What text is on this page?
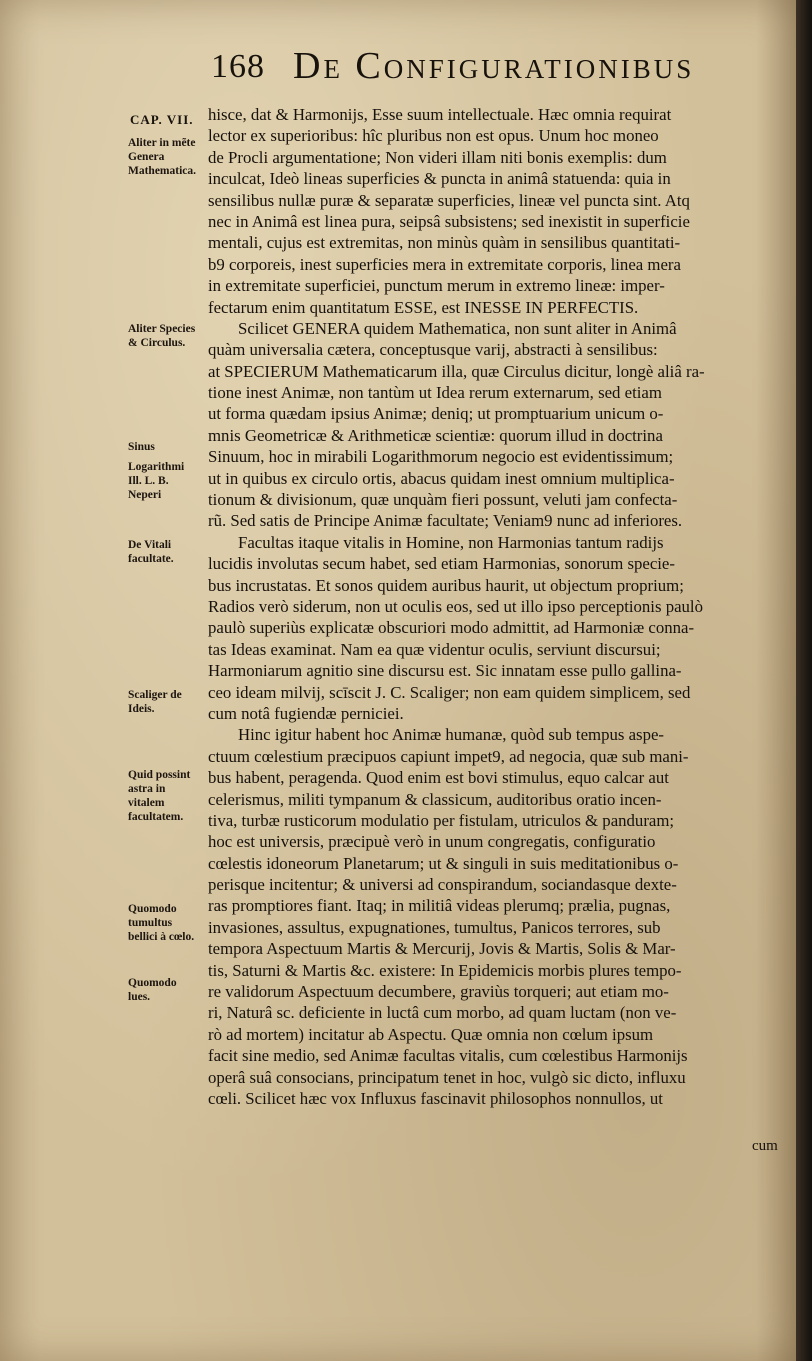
168 De Configurationibus
CAP. VII.
Aliter in mẽte Genera Mathematica.
Aliter Species & Circulus.
Sinus
Logarithmi Ill. L. B. Neperi
De Vitali facultate.
Scaliger de Ideis.
Quid possint astra in vitalem facultatem.
Quomodo tumultus bellici à cœlo.
Quomodo lues.
hisce, dat & Harmonijs, Esse suum intellectuale. Hæc omnia requirat
lector ex superioribus: hîc pluribus non est opus. Unum hoc moneo
de Procli argumentatione; Non videri illam niti bonis exemplis: dum
inculcat, Ideò lineas superficies & puncta in animâ statuenda: quia in
sensilibus nullæ puræ & separatæ superficies, lineæ vel puncta sint. Atq
nec in Animâ est linea pura, seipsâ subsistens; sed inexistit in superficie
mentali, cujus est extremitas, non minùs quàm in sensilibus quantitati-
b9 corporeis, inest superficies mera in extremitate corporis, linea mera
in extremitate superficiei, punctum merum in extremo lineæ: imper-
fectarum enim quantitatum ESSE, est INESSE IN PERFECTIS.
Scilicet GENERA quidem Mathematica, non sunt aliter in Animâ
quàm universalia cætera, conceptusque varij, abstracti à sensilibus:
at SPECIERUM Mathematicarum illa, quæ Circulus dicitur, longè aliâ ra-
tione inest Animæ, non tantùm ut Idea rerum externarum, sed etiam
ut forma quædam ipsius Animæ; deniq; ut promptuarium unicum o-
mnis Geometricæ & Arithmeticæ scientiæ: quorum illud in doctrina
Sinuum, hoc in mirabili Logarithmorum negocio est evidentissimum;
ut in quibus ex circulo ortis, abacus quidam inest omnium multiplica-
tionum & divisionum, quæ unquàm fieri possunt, veluti jam confecta-
rũ. Sed satis de Principe Animæ facultate; Veniam9 nunc ad inferiores.
Facultas itaque vitalis in Homine, non Harmonias tantum radijs
lucidis involutas secum habet, sed etiam Harmonias, sonorum specie-
bus incrustatas. Et sonos quidem auribus haurit, ut objectum proprium;
Radios verò siderum, non ut oculis eos, sed ut illo ipso perceptionis paulò
paulò superiùs explicatæ obscuriori modo admittit, ad Harmoniæ conna-
tas Ideas examinat. Nam ea quæ videntur oculis, serviunt discursui;
Harmoniarum agnitio sine discursu est. Sic innatam esse pullo gallina-
ceo ideam milvij, scīscit J. C. Scaliger; non eam quidem simplicem, sed
cum notâ fugiendæ perniciei.
Hinc igitur habent hoc Animæ humanæ, quòd sub tempus aspe-
ctuum cœlestium præcipuos capiunt impet9, ad negocia, quæ sub mani-
bus habent, peragenda. Quod enim est bovi stimulus, equo calcar aut
celerismus, militi tympanum & classicum, auditoribus oratio incen-
tiva, turbæ rusticorum modulatio per fistulam, utriculos & panduram;
hoc est universis, præcipuè verò in unum congregatis, configuratio
cœlestis idoneorum Planetarum; ut & singuli in suis meditationibus o-
perisque incitentur; & universi ad conspirandum, sociandasque dexte-
ras promptiores fiant. Itaq; in militiâ videas plerumq; prælia, pugnas,
invasiones, assultus, expugnationes, tumultus, Panicos terrores, sub
tempora Aspectuum Martis & Mercurij, Jovis & Martis, Solis & Mar-
tis, Saturni & Martis &c. existere: In Epidemicis morbis plures tempo-
re validorum Aspectuum decumbere, graviùs torqueri; aut etiam mo-
ri, Naturâ sc. deficiente in luctâ cum morbo, ad quam luctam (non ve-
rò ad mortem) incitatur ab Aspectu. Quæ omnia non cœlum ipsum
facit sine medio, sed Animæ facultas vitalis, cum cœlestibus Harmonijs
operâ suâ consocians, principatum tenet in hoc, vulgò sic dicto, influxu
cœli. Scilicet hæc vox Influxus fascinavit philosophos nonnullos, ut
cum
